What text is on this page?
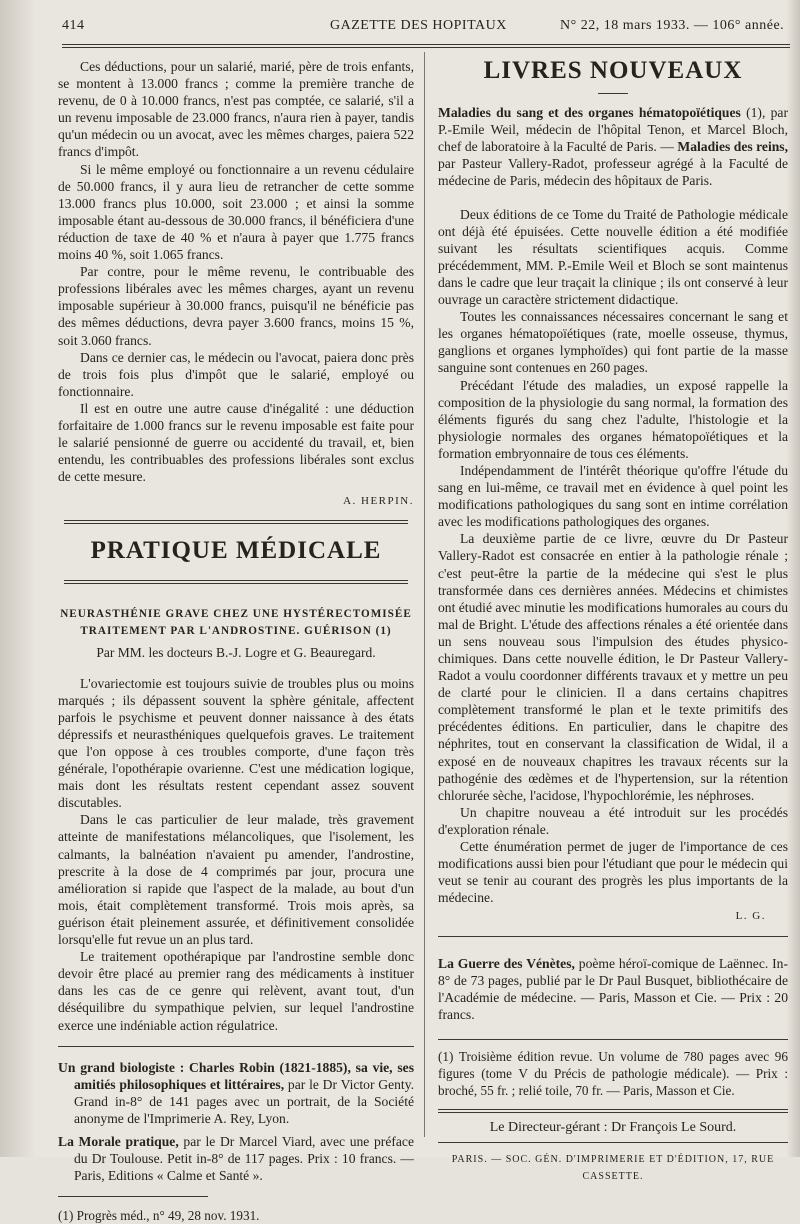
414	GAZETTE DES HOPITAUX	N° 22, 18 mars 1933. — 106° année.

Ces déductions, pour un salarié, marié, père de trois enfants, se montent à 13.000 francs ; comme la première tranche de revenu, de 0 à 10.000 francs, n'est pas comptée, ce salarié, s'il a un revenu imposable de 23.000 francs, n'aura rien à payer, tandis qu'un médecin ou un avocat, avec les mêmes charges, paiera 522 francs d'impôt.

Si le même employé ou fonctionnaire a un revenu cédulaire de 50.000 francs, il y aura lieu de retrancher de cette somme 13.000 francs plus 10.000, soit 23.000 ; et ainsi la somme imposable étant au-dessous de 30.000 francs, il bénéficiera d'une réduction de taxe de 40 % et n'aura à payer que 1.775 francs moins 40 %, soit 1.065 francs.

Par contre, pour le même revenu, le contribuable des professions libérales avec les mêmes charges, ayant un revenu imposable supérieur à 30.000 francs, puisqu'il ne bénéficie pas des mêmes déductions, devra payer 3.600 francs, moins 15 %, soit 3.060 francs.

Dans ce dernier cas, le médecin ou l'avocat, paiera donc près de trois fois plus d'impôt que le salarié, employé ou fonctionnaire.

Il est en outre une autre cause d'inégalité : une déduction forfaitaire de 1.000 francs sur le revenu imposable est faite pour le salarié pensionné de guerre ou accidenté du travail, et, bien entendu, les contribuables des professions libérales sont exclus de cette mesure.

A. HERPIN.

PRATIQUE MÉDICALE

NEURASTHÉNIE GRAVE CHEZ UNE HYSTÉRECTOMISÉE

TRAITEMENT PAR L'ANDROSTINE. GUÉRISON (1)

Par MM. les docteurs B.-J. Logre et G. Beauregard.

L'ovariectomie est toujours suivie de troubles plus ou moins marqués ; ils dépassent souvent la sphère génitale, affectent parfois le psychisme et peuvent donner naissance à des états dépressifs et neurasthéniques quelquefois graves. Le traitement que l'on oppose à ces troubles comporte, d'une façon très générale, l'opothérapie ovarienne. C'est une médication logique, mais dont les résultats restent cependant assez souvent discutables.

Dans le cas particulier de leur malade, très gravement atteinte de manifestations mélancoliques, que l'isolement, les calmants, la balnéation n'avaient pu amender, l'androstine, prescrite à la dose de 4 comprimés par jour, procura une amélioration si rapide que l'aspect de la malade, au bout d'un mois, était complètement transformé. Trois mois après, sa guérison était pleinement assurée, et définitivement consolidée lorsqu'elle fut revue un an plus tard.

Le traitement opothérapique par l'androstine semble donc devoir être placé au premier rang des médicaments à instituer dans les cas de ce genre qui relèvent, avant tout, d'un déséquilibre du sympathique pelvien, sur lequel l'androstine exerce une indéniable action régulatrice.

Un grand biologiste : Charles Robin (1821-1885), sa vie, ses amitiés philosophiques et littéraires, par le Dr Victor Genty. Grand in-8° de 141 pages avec un portrait, de la Société anonyme de l'Imprimerie A. Rey, Lyon.

La Morale pratique, par le Dr Marcel Viard, avec une préface du Dr Toulouse. Petit in-8° de 117 pages. Prix : 10 francs. — Paris, Editions « Calme et Santé ».

(1) Progrès méd., n° 49, 28 nov. 1931.

LIVRES NOUVEAUX

Maladies du sang et des organes hématopoïétiques (1), par P.-Emile Weil, médecin de l'hôpital Tenon, et Marcel Bloch, chef de laboratoire à la Faculté de Paris. — Maladies des reins, par Pasteur Vallery-Radot, professeur agrégé à la Faculté de médecine de Paris, médecin des hôpitaux de Paris.

Deux éditions de ce Tome du Traité de Pathologie médicale ont déjà été épuisées. Cette nouvelle édition a été modifiée suivant les résultats scientifiques acquis. Comme précédemment, MM. P.-Emile Weil et Bloch se sont maintenus dans le cadre que leur traçait la clinique ; ils ont conservé à leur ouvrage un caractère strictement didactique.

Toutes les connaissances nécessaires concernant le sang et les organes hématopoïétiques (rate, moelle osseuse, thymus, ganglions et organes lymphoïdes) qui font partie de la masse sanguine sont contenues en 260 pages.

Précédant l'étude des maladies, un exposé rappelle la composition de la physiologie du sang normal, la formation des éléments figurés du sang chez l'adulte, l'histologie et la physiologie normales des organes hématopoïétiques et la formation embryonnaire de tous ces éléments.

Indépendamment de l'intérêt théorique qu'offre l'étude du sang en lui-même, ce travail met en évidence à quel point les modifications pathologiques du sang sont en intime corrélation avec les modifications pathologiques des organes.

La deuxième partie de ce livre, œuvre du Dr Pasteur Vallery-Radot est consacrée en entier à la pathologie rénale ; c'est peut-être la partie de la médecine qui s'est le plus transformée dans ces dernières années. Médecins et chimistes ont étudié avec minutie les modifications humorales au cours du mal de Bright. L'étude des affections rénales a été orientée dans un sens nouveau sous l'impulsion des études physico-chimiques. Dans cette nouvelle édition, le Dr Pasteur Vallery-Radot a voulu coordonner différents travaux et y mettre un peu de clarté pour le clinicien. Il a dans certains chapitres complètement transformé le plan et le texte primitifs des précédentes éditions. En particulier, dans le chapitre des néphrites, tout en conservant la classification de Widal, il a exposé en de nouveaux chapitres les travaux récents sur la pathogénie des œdèmes et de l'hypertension, sur la rétention chlorurée sèche, l'acidose, l'hypochlorémie, les néphroses.

Un chapitre nouveau a été introduit sur les procédés d'exploration rénale.

Cette énumération permet de juger de l'importance de ces modifications aussi bien pour l'étudiant que pour le médecin qui veut se tenir au courant des progrès les plus importants de la médecine.

L. G.

La Guerre des Vénètes, poème héroï-comique de Laënnec. In-8° de 73 pages, publié par le Dr Paul Busquet, bibliothécaire de l'Académie de médecine. — Paris, Masson et Cie. — Prix : 20 francs.

(1) Troisième édition revue. Un volume de 780 pages avec 96 figures (tome V du Précis de pathologie médicale). — Prix : broché, 55 fr. ; relié toile, 70 fr. — Paris, Masson et Cie.

Le Directeur-gérant : Dr François Le Sourd.

PARIS. — SOC. GÉN. D'IMPRIMERIE ET D'ÉDITION, 17, RUE CASSETTE.
